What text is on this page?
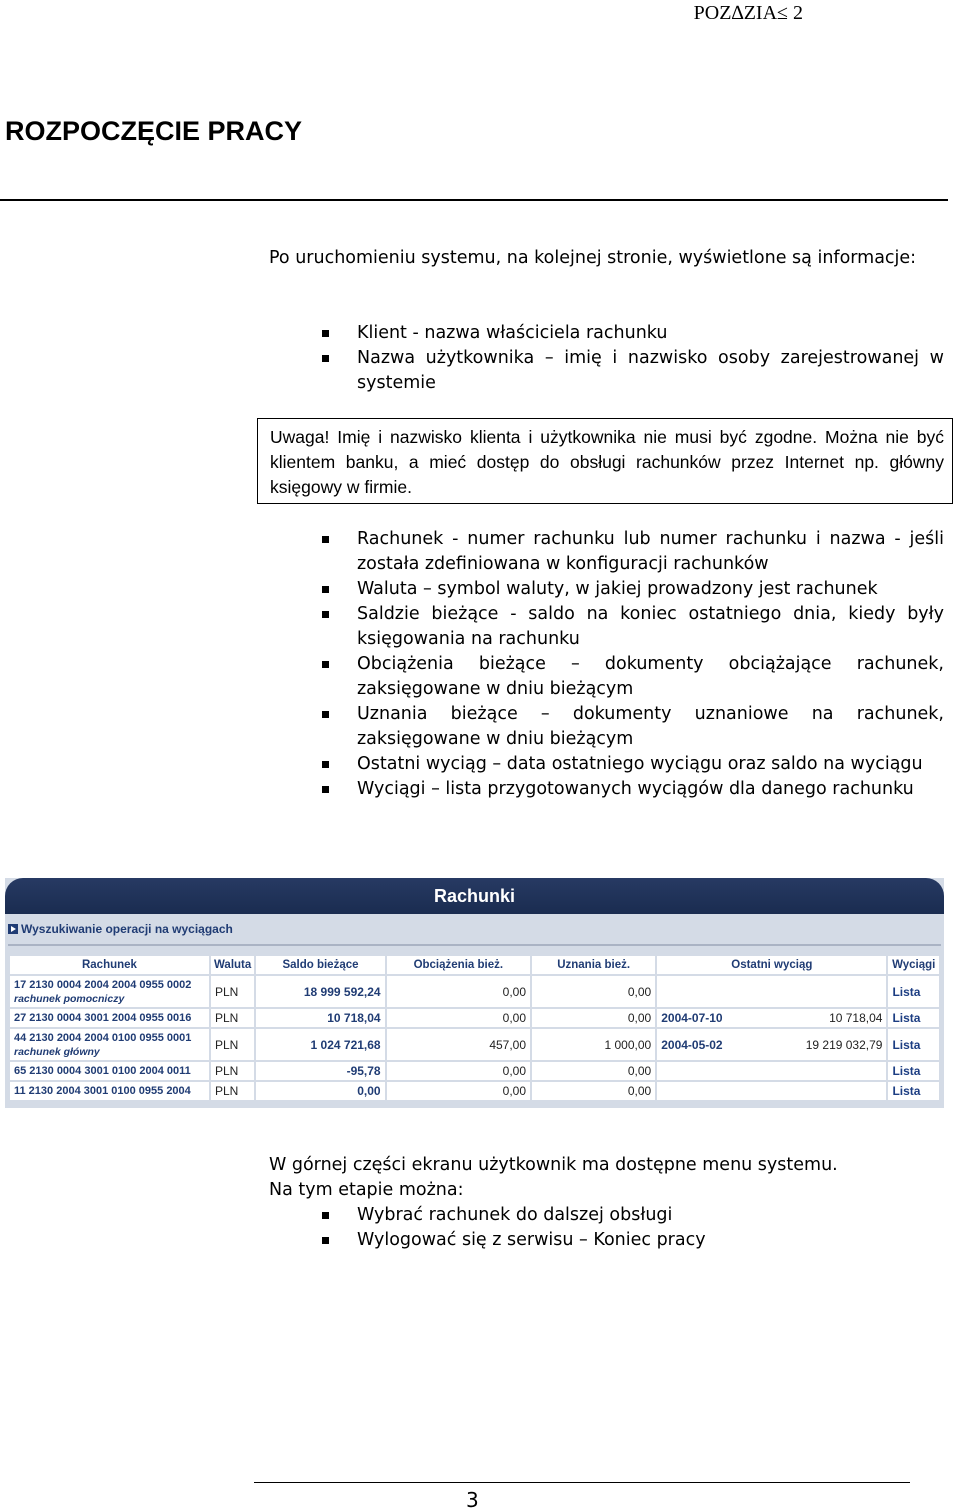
POZ∆ZIA≤ 2
ROZPOCZĘCIE PRACY

Po uruchomieniu systemu, na kolejnej stronie, wyświetlone są informacje:

Klient - nazwa właściciela rachunku
Nazwa użytkownika – imię i nazwisko osoby zarejestrowanej w systemie
Uwaga! Imię i nazwisko klienta i użytkownika nie musi być zgodne. Można nie być klientem banku, a mieć dostęp do obsługi rachunków przez Internet np. główny księgowy w firmie.
Rachunek - numer rachunku lub numer rachunku i nazwa - jeśli została zdefiniowana w konfiguracji rachunków
Waluta – symbol waluty, w jakiej prowadzony jest rachunek
Saldzie bieżące - saldo na koniec ostatniego dnia, kiedy były księgowania na rachunku
Obciążenia bieżące – dokumenty obciążające rachunek, zaksięgowane w dniu bieżącym
Uznania bieżące – dokumenty uznaniowe na rachunek, zaksięgowane w dniu bieżącym
Ostatni wyciąg – data ostatniego wyciągu oraz saldo na wyciągu
Wyciągi – lista przygotowanych wyciągów dla danego rachunku
Rachunki
Wyszukiwanie operacji na wyciągach
Rachunek	Waluta	Saldo bieżące	Obciążenia bież.	Uznania bież.	Ostatni wyciąg	Wyciągi
17 2130 0004 2004 2004 0955 0002
rachunek pomocniczy	PLN	18 999 592,24	0,00	0,00		Lista
27 2130 0004 3001 2004 0955 0016	PLN	10 718,04	0,00	0,00	2004-07-10 10 718,04	Lista
44 2130 2004 2004 0100 0955 0001
rachunek główny	PLN	1 024 721,68	457,00	1 000,00	2004-05-02 19 219 032,79	Lista
65 2130 0004 3001 0100 2004 0011	PLN	-95,78	0,00	0,00		Lista
11 2130 2004 3001 0100 0955 2004	PLN	0,00	0,00	0,00		Lista

W górnej części ekranu użytkownik ma dostępne menu systemu.
Na tym etapie można:

Wybrać rachunek do dalszej obsługi
Wylogować się z serwisu – Koniec pracy
3
